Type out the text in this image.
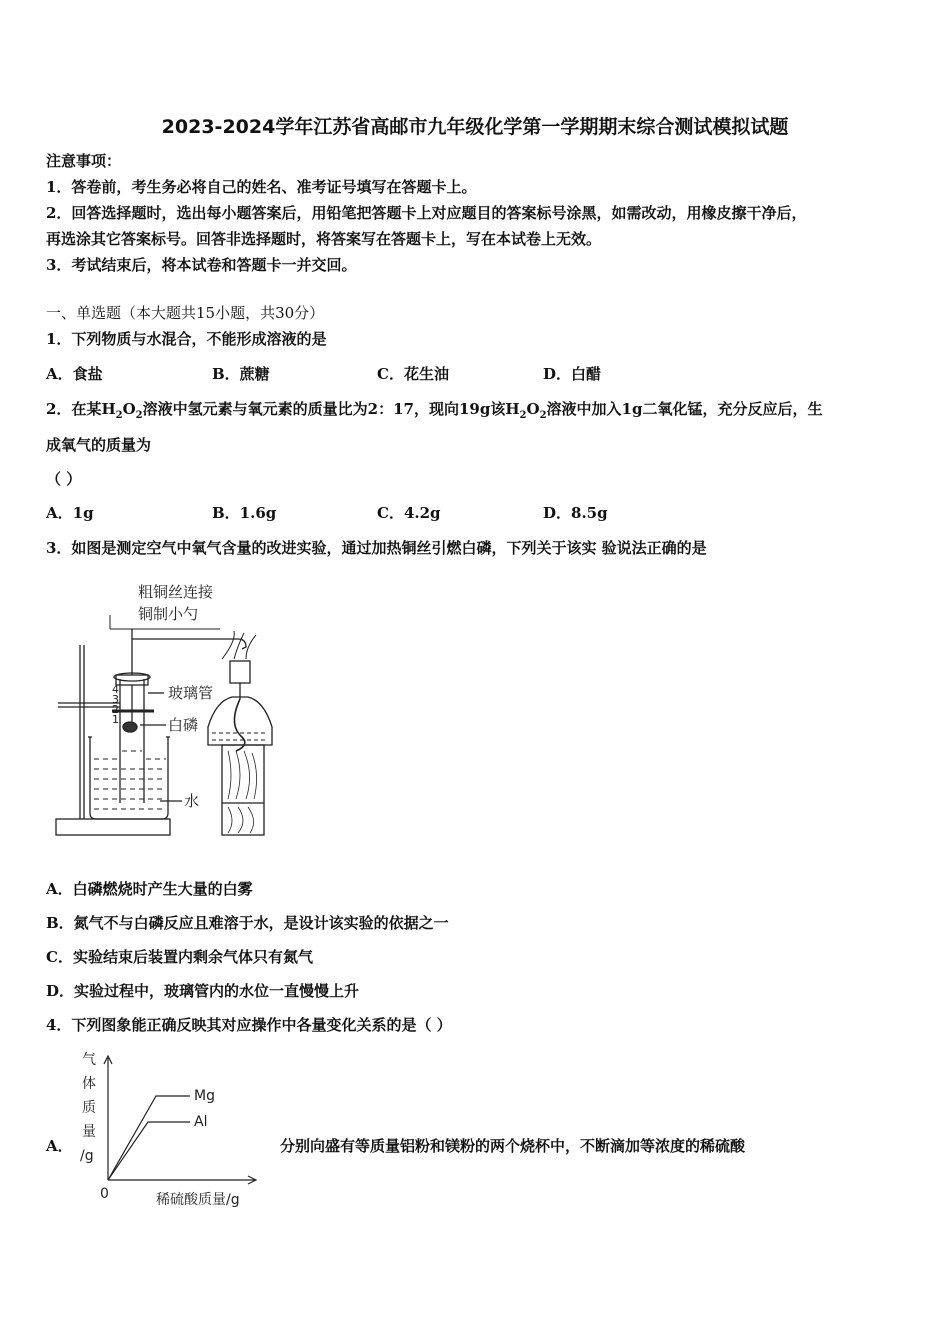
2023-2024学年江苏省高邮市九年级化学第一学期期末综合测试模拟试题
注意事项：
1．答卷前，考生务必将自己的姓名、准考证号填写在答题卡上。
2．回答选择题时，选出每小题答案后，用铅笔把答题卡上对应题目的答案标号涂黑，如需改动，用橡皮擦干净后，
再选涂其它答案标号。回答非选择题时，将答案写在答题卡上，写在本试卷上无效。
3．考试结束后，将本试卷和答题卡一并交回。
一、单选题（本大题共15小题，共30分）
1．下列物质与水混合，不能形成溶液的是
A．食盐	B．蔗糖	C．花生油	D．白醋
2．在某$H_2O_2$溶液中氢元素与氧元素的质量比为2：17，现向19g该$H_2O_2$溶液中加入1g二氧化锰，充分反应后，生
成氧气的质量为
（ ）
A．1g	B．1.6g	C．4.2g	D．8.5g
3．如图是测定空气中氧气含量的改进实验，通过加热铜丝引燃白磷，下列关于该实 验说法正确的是
4
3
2
1
粗铜丝连接
铜制小勺
玻璃管
白磷
水
A．白磷燃烧时产生大量的白雾
B．氮气不与白磷反应且难溶于水，是设计该实验的依据之一
C．实验结束后装置内剩余气体只有氮气
D．实验过程中，玻璃管内的水位一直慢慢上升
4．下列图象能正确反映其对应操作中各量变化关系的是（ ）
A．
气
体
质
量
/g
0	稀硫酸质量/g
Mg
Al
分别向盛有等质量铝粉和镁粉的两个烧杯中，不断滴加等浓度的稀硫酸
